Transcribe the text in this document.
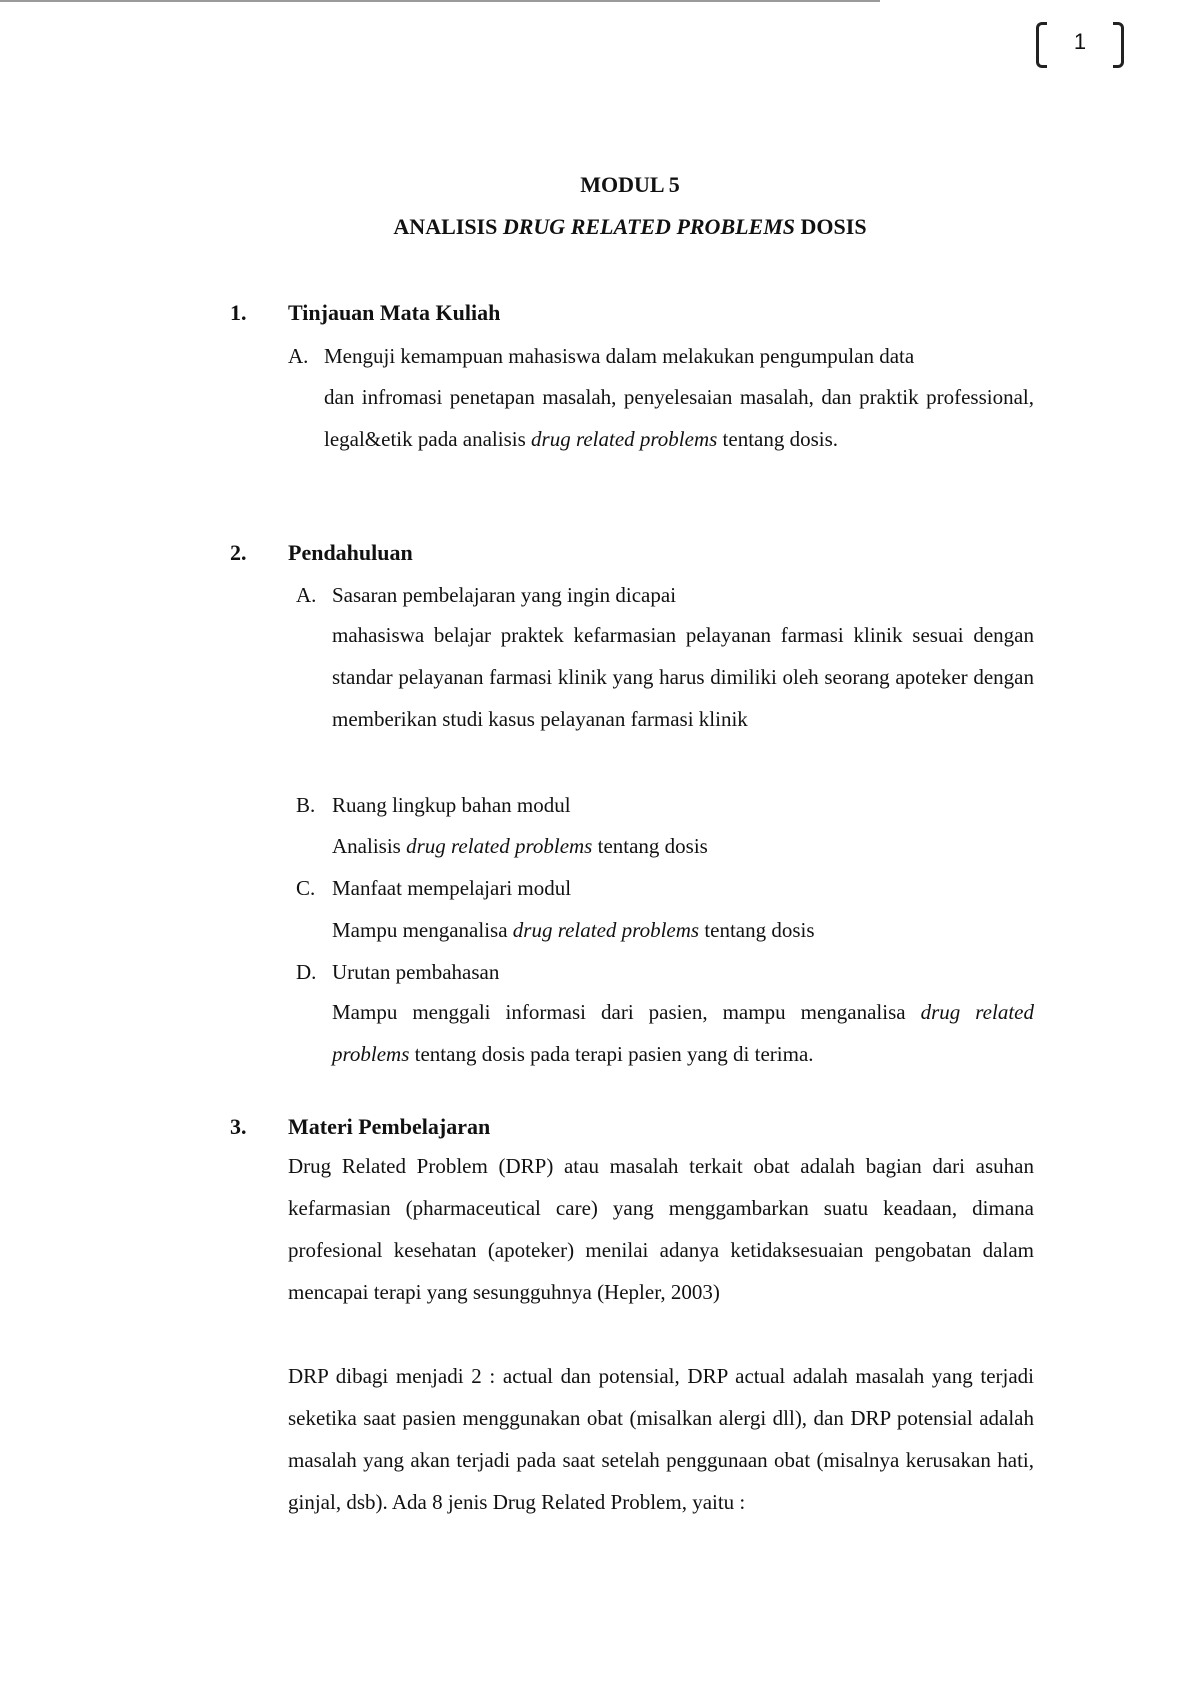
1
MODUL 5
ANALISIS DRUG RELATED PROBLEMS DOSIS
1. Tinjauan Mata Kuliah
A. Menguji kemampuan mahasiswa dalam melakukan pengumpulan data

dan infromasi penetapan masalah, penyelesaian masalah, dan praktik professional, legal&etik pada analisis drug related problems tentang dosis.

2. Pendahuluan
A. Sasaran pembelajaran yang ingin dicapai

mahasiswa belajar praktek kefarmasian pelayanan farmasi klinik sesuai dengan standar pelayanan farmasi klinik yang harus dimiliki oleh seorang apoteker dengan memberikan studi kasus pelayanan farmasi klinik

B. Ruang lingkup bahan modul
Analisis drug related problems tentang dosis
C. Manfaat mempelajari modul
Mampu menganalisa drug related problems tentang dosis
D. Urutan pembahasan

Mampu menggali informasi dari pasien, mampu menganalisa drug related problems tentang dosis pada terapi pasien yang di terima.

3. Materi Pembelajaran

Drug Related Problem (DRP) atau masalah terkait obat adalah bagian dari asuhan kefarmasian (pharmaceutical care) yang menggambarkan suatu keadaan, dimana profesional kesehatan (apoteker) menilai adanya ketidaksesuaian pengobatan dalam mencapai terapi yang sesungguhnya (Hepler, 2003)

DRP dibagi menjadi 2 : actual dan potensial, DRP actual adalah masalah yang terjadi seketika saat pasien menggunakan obat (misalkan alergi dll), dan DRP potensial adalah masalah yang akan terjadi pada saat setelah penggunaan obat (misalnya kerusakan hati, ginjal, dsb). Ada 8 jenis Drug Related Problem, yaitu :
